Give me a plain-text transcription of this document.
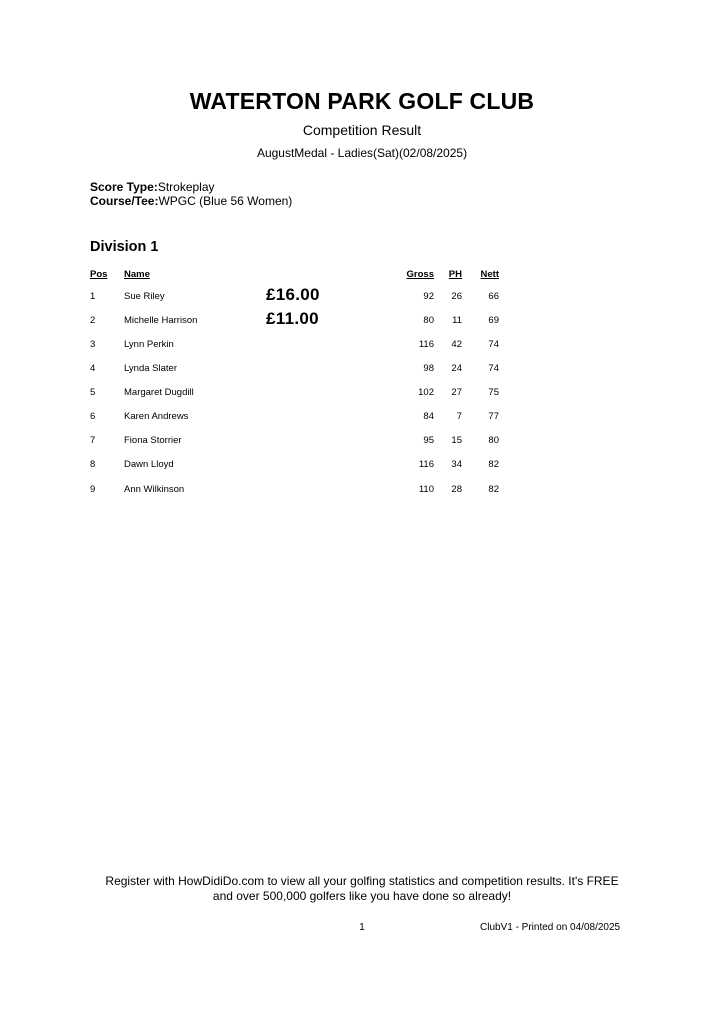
WATERTON PARK GOLF CLUB
Competition Result
AugustMedal - Ladies(Sat)(02/08/2025)
Score Type:Strokeplay
Course/Tee:WPGC (Blue 56 Women)
Division 1
Pos Name	Gross	PH	Nett
1	Sue Riley	£16.00	92	26	66
2	Michelle Harrison	£11.00	80	11	69
3	Lynn Perkin	116	42	74
4	Lynda Slater	98	24	74
5	Margaret Dugdill	102	27	75
6	Karen Andrews	84	7	77
7	Fiona Storrier	95	15	80
8	Dawn Lloyd	116	34	82
9	Ann Wilkinson	110	28	82
Register with HowDidiDo.com to view all your golfing statistics and competition results. It's FREE
and over 500,000 golfers like you have done so already!
1	ClubV1 - Printed on 04/08/2025
